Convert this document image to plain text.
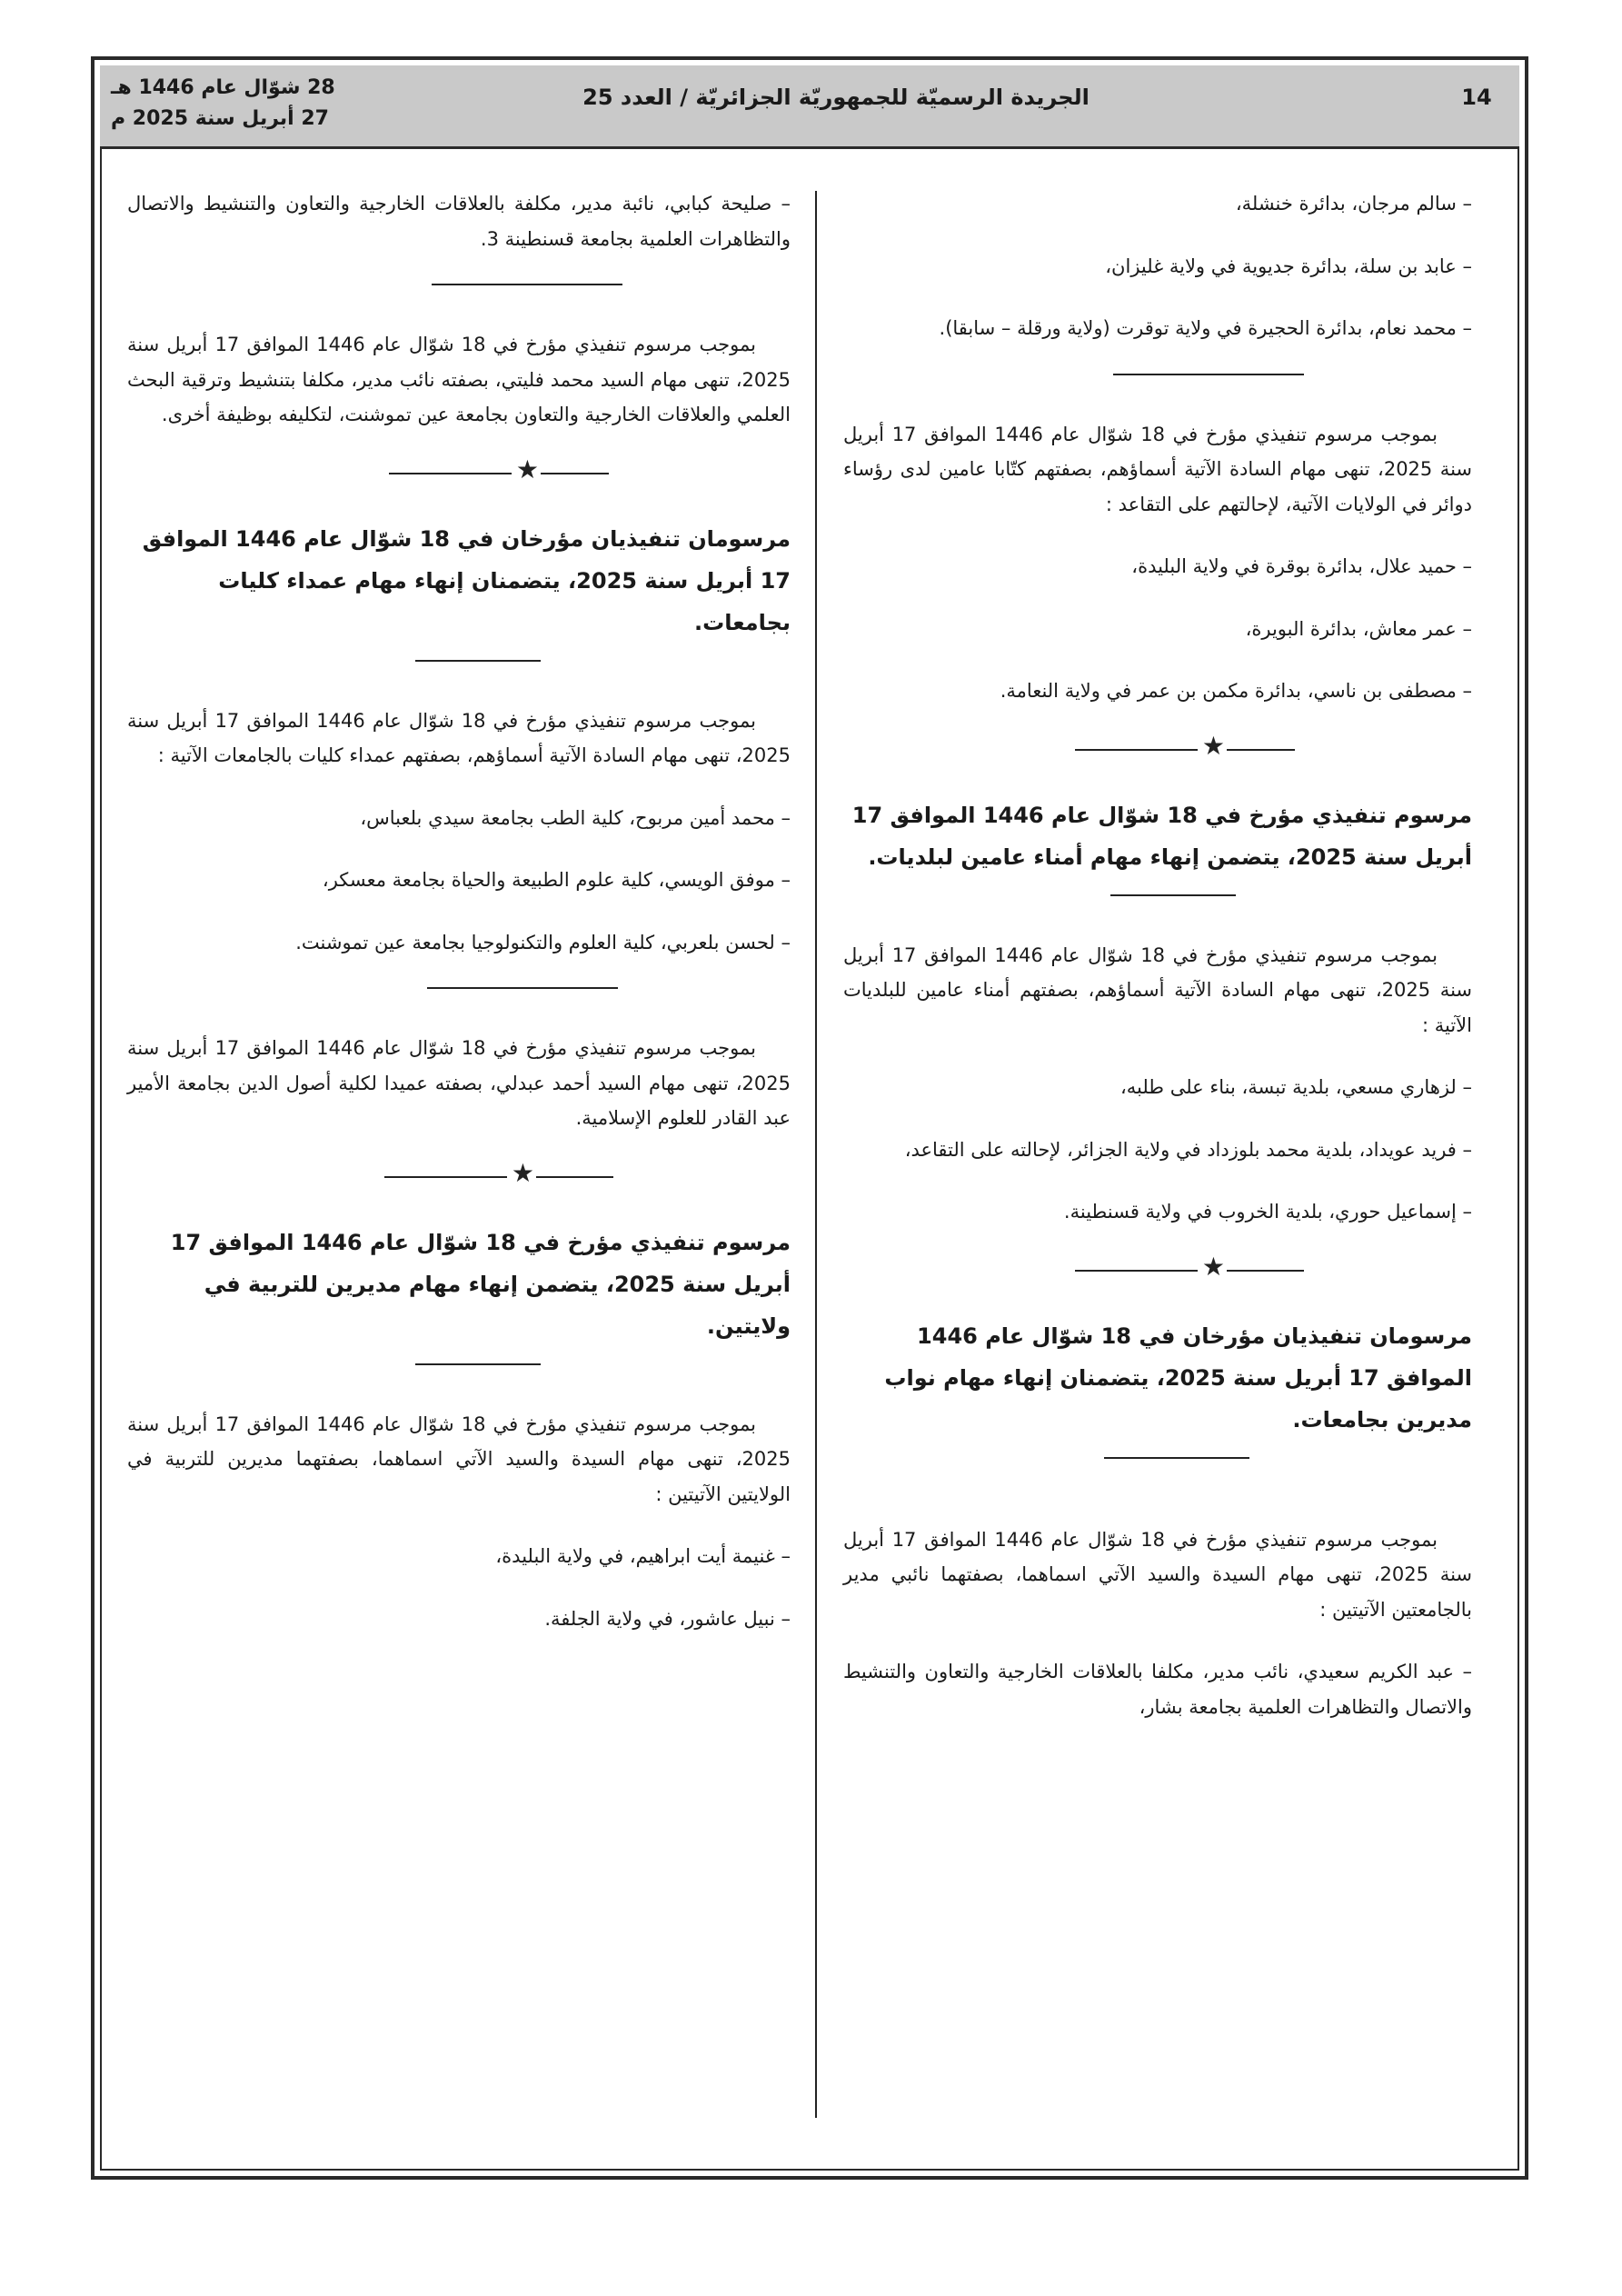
14
الجريدة الرسميّة للجمهوريّة الجزائريّة / العدد 25
28 شوّال عام 1446 هـ
27 أبريل سنة 2025 م
– سالم مرجان، بدائرة خنشلة،
– عابد بن سلة، بدائرة جديوية في ولاية غليزان،
– محمد نعام، بدائرة الحجيرة في ولاية توقرت (ولاية ورقلة – سابقا).
بموجب مرسوم تنفيذي مؤرخ في 18 شوّال عام 1446 الموافق 17 أبريل سنة 2025، تنهى مهام السادة الآتية أسماؤهم، بصفتهم كتّابا عامين لدى رؤساء دوائر في الولايات الآتية، لإحالتهم على التقاعد :
– حميد علال، بدائرة بوقرة في ولاية البليدة،
– عمر معاش، بدائرة البويرة،
– مصطفى بن ناسي، بدائرة مكمن بن عمر في ولاية النعامة.
★
مرسوم تنفيذي مؤرخ في 18 شوّال عام 1446 الموافق 17 أبريل سنة 2025، يتضمن إنهاء مهام أمناء عامين لبلديات.
بموجب مرسوم تنفيذي مؤرخ في 18 شوّال عام 1446 الموافق 17 أبريل سنة 2025، تنهى مهام السادة الآتية أسماؤهم، بصفتهم أمناء عامين للبلديات الآتية :
– لزهاري مسعي، بلدية تبسة، بناء على طلبه،
– فريد عويداد، بلدية محمد بلوزداد في ولاية الجزائر، لإحالته على التقاعد،
– إسماعيل حوري، بلدية الخروب في ولاية قسنطينة.
★
مرسومان تنفيذيان مؤرخان في 18 شوّال عام 1446 الموافق 17 أبريل سنة 2025، يتضمنان إنهاء مهام نواب مديرين بجامعات.
بموجب مرسوم تنفيذي مؤرخ في 18 شوّال عام 1446 الموافق 17 أبريل سنة 2025، تنهى مهام السيدة والسيد الآتي اسماهما، بصفتهما نائبي مدير بالجامعتين الآتيتين :
– عبد الكريم سعيدي، نائب مدير، مكلفا بالعلاقات الخارجية والتعاون والتنشيط والاتصال والتظاهرات العلمية بجامعة بشار،
– صليحة كبابي، نائبة مدير، مكلفة بالعلاقات الخارجية والتعاون والتنشيط والاتصال والتظاهرات العلمية بجامعة قسنطينة 3.
بموجب مرسوم تنفيذي مؤرخ في 18 شوّال عام 1446 الموافق 17 أبريل سنة 2025، تنهى مهام السيد محمد فليتي، بصفته نائب مدير، مكلفا بتنشيط وترقية البحث العلمي والعلاقات الخارجية والتعاون بجامعة عين تموشنت، لتكليفه بوظيفة أخرى.
★
مرسومان تنفيذيان مؤرخان في 18 شوّال عام 1446 الموافق 17 أبريل سنة 2025، يتضمنان إنهاء مهام عمداء كليات بجامعات.
بموجب مرسوم تنفيذي مؤرخ في 18 شوّال عام 1446 الموافق 17 أبريل سنة 2025، تنهى مهام السادة الآتية أسماؤهم، بصفتهم عمداء كليات بالجامعات الآتية :
– محمد أمين مربوح، كلية الطب بجامعة سيدي بلعباس،
– موفق الويسي، كلية علوم الطبيعة والحياة بجامعة معسكر،
– لحسن بلعربي، كلية العلوم والتكنولوجيا بجامعة عين تموشنت.
بموجب مرسوم تنفيذي مؤرخ في 18 شوّال عام 1446 الموافق 17 أبريل سنة 2025، تنهى مهام السيد أحمد عبدلي، بصفته عميدا لكلية أصول الدين بجامعة الأمير عبد القادر للعلوم الإسلامية.
★
مرسوم تنفيذي مؤرخ في 18 شوّال عام 1446 الموافق 17 أبريل سنة 2025، يتضمن إنهاء مهام مديرين للتربية في ولايتين.
بموجب مرسوم تنفيذي مؤرخ في 18 شوّال عام 1446 الموافق 17 أبريل سنة 2025، تنهى مهام السيدة والسيد الآتي اسماهما، بصفتهما مديرين للتربية في الولايتين الآتيتين :
– غنيمة أيت ابراهيم، في ولاية البليدة،
– نبيل عاشور، في ولاية الجلفة.
